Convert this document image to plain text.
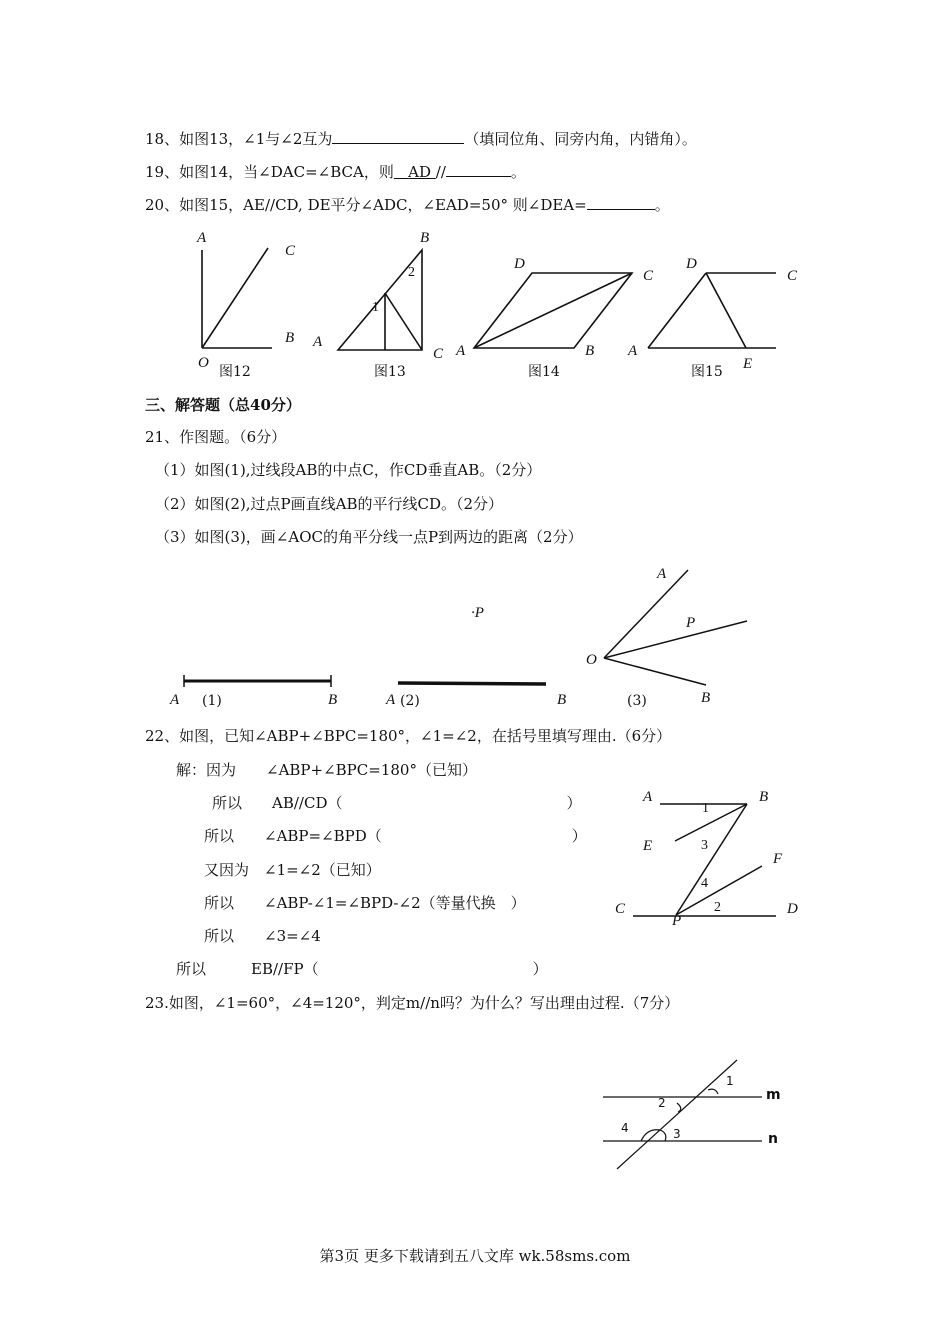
18、如图13，∠1与∠2互为	（填同位角、同旁内角，内错角）。
19、如图14，当∠DAC=∠BCA，则 AD //	。
20、如图15，AE//CD, DE平分∠ADC，∠EAD=50° 则∠DEA=	。
A
C
O
B
图12
B
2
1
A
C
图13
D
C
A	B
图14
D
C
A
E
图15
三、解答题（总40分）
21、作图题。（6分）
（1）如图(1),过线段AB的中点C，作CD垂直AB。（2分）
（2）如图(2),过点P画直线AB的平行线CD。（2分）
（3）如图(3)，画∠AOC的角平分线一点P到两边的距离（2分）
A (1)	B
·P
A (2)	B
A
P
O
(3)	B
22、如图，已知∠ABP+∠BPC=180°，∠1=∠2，在括号里填写理由.（6分）
解：因为　　∠ABP+∠BPC=180°（已知）
所以　　AB//CD（	）
所以　　∠ABP=∠BPD（	）
又因为　∠1=∠2（已知）
所以　　∠ABP-∠1=∠BPD-∠2（等量代换　）
所以　　∠3=∠4
所以　　　EB//FP（	）
A	B
1
E	3
F
4
C	2	D
P
23.如图，∠1=60°，∠4=120°，判定m//n吗？为什么？写出理由过程.（7分）
1
2	m
4	3	n
第3页 更多下载请到五八文库 wk.58sms.com
